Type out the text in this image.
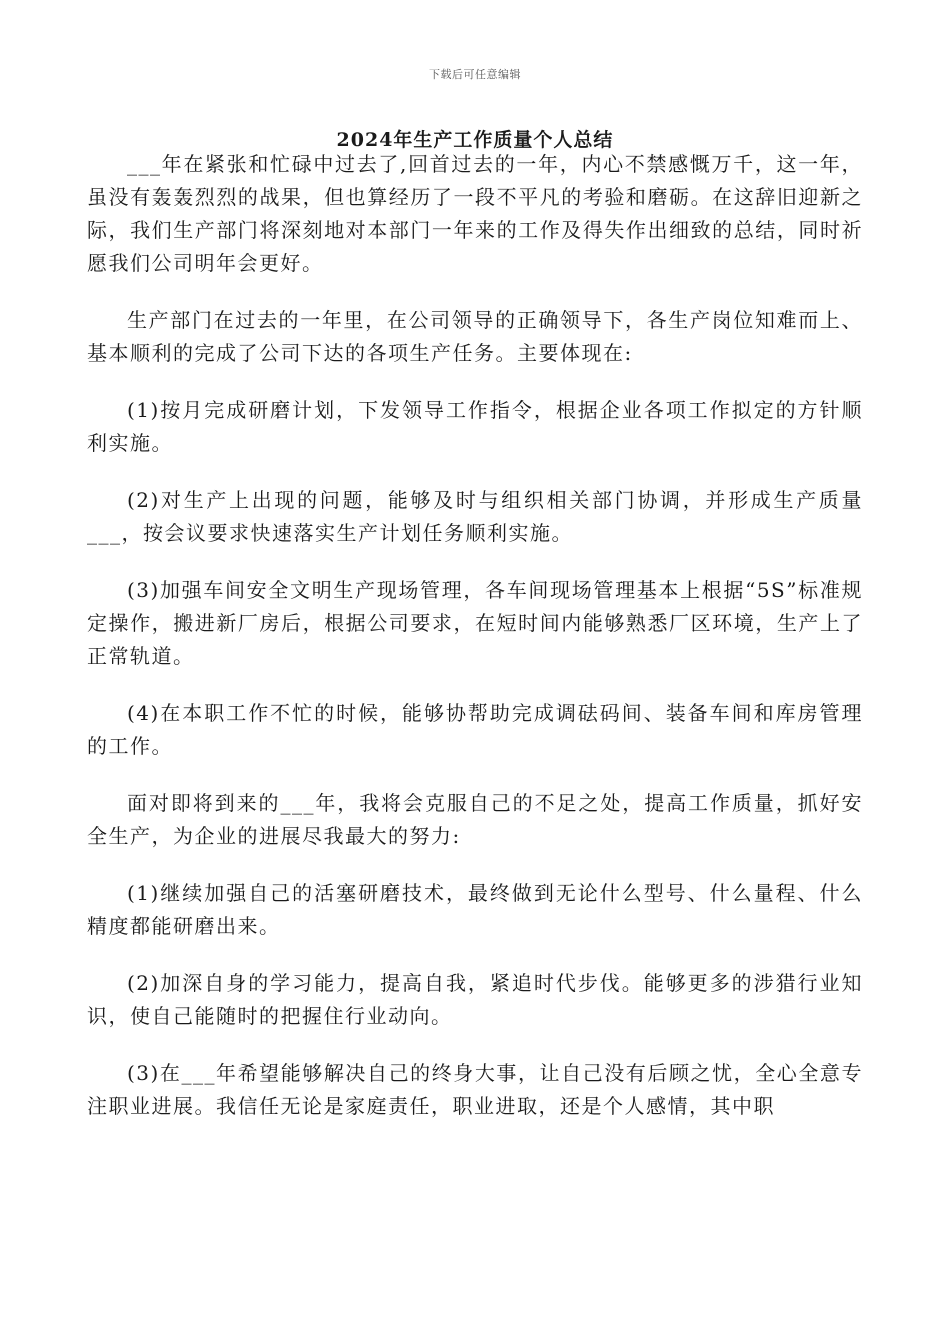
下载后可任意编辑
2024年生产工作质量个人总结

___年在紧张和忙碌中过去了,回首过去的一年，内心不禁感慨万千，这一年，虽没有轰轰烈烈的战果，但也算经历了一段不平凡的考验和磨砺。在这辞旧迎新之际，我们生产部门将深刻地对本部门一年来的工作及得失作出细致的总结，同时祈愿我们公司明年会更好。

生产部门在过去的一年里，在公司领导的正确领导下，各生产岗位知难而上、基本顺利的完成了公司下达的各项生产任务。主要体现在:

(1)按月完成研磨计划，下发领导工作指令，根据企业各项工作拟定的方针顺利实施。

(2)对生产上出现的问题，能够及时与组织相关部门协调，并形成生产质量___，按会议要求快速落实生产计划任务顺利实施。

(3)加强车间安全文明生产现场管理，各车间现场管理基本上根据“5S”标准规定操作，搬进新厂房后，根据公司要求，在短时间内能够熟悉厂区环境，生产上了正常轨道。

(4)在本职工作不忙的时候，能够协帮助完成调砝码间、装备车间和库房管理的工作。

面对即将到来的___年，我将会克服自己的不足之处，提高工作质量，抓好安全生产，为企业的进展尽我最大的努力:

(1)继续加强自己的活塞研磨技术，最终做到无论什么型号、什么量程、什么精度都能研磨出来。

(2)加深自身的学习能力，提高自我，紧追时代步伐。能够更多的涉猎行业知识，使自己能随时的把握住行业动向。

(3)在___年希望能够解决自己的终身大事，让自己没有后顾之忧，全心全意专注职业进展。我信任无论是家庭责任，职业进取，还是个人感情，其中职
